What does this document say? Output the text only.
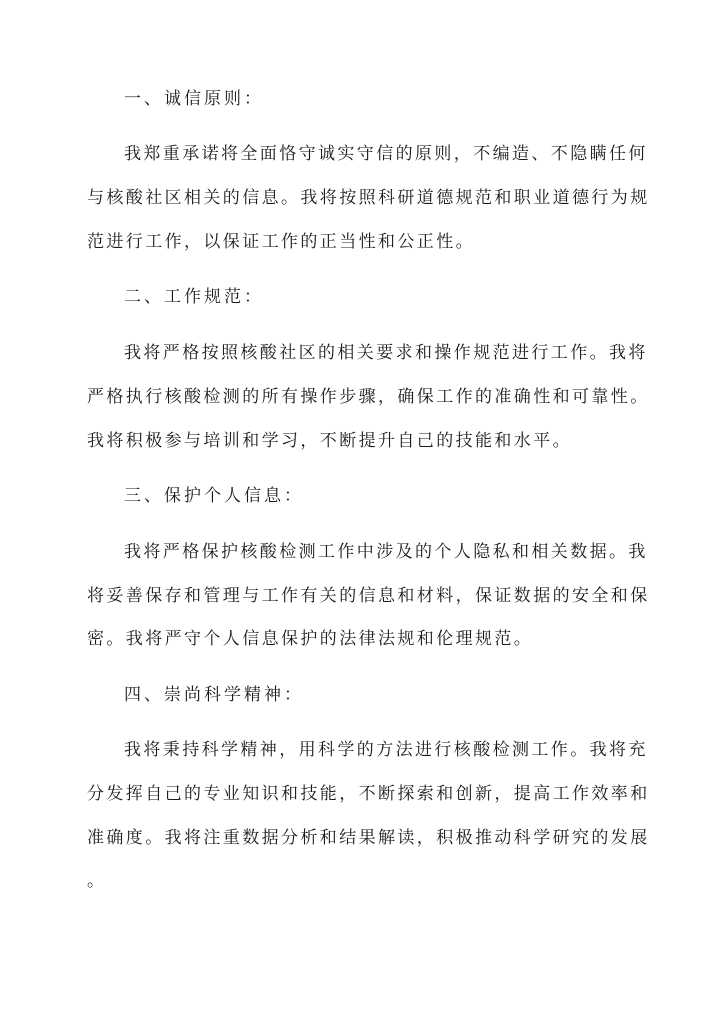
一、诚信原则：
我郑重承诺将全面恪守诚实守信的原则，不编造、不隐瞒任何
与核酸社区相关的信息。我将按照科研道德规范和职业道德行为规
范进行工作，以保证工作的正当性和公正性。
二、工作规范：
我将严格按照核酸社区的相关要求和操作规范进行工作。我将
严格执行核酸检测的所有操作步骤，确保工作的准确性和可靠性。
我将积极参与培训和学习，不断提升自己的技能和水平。
三、保护个人信息：
我将严格保护核酸检测工作中涉及的个人隐私和相关数据。我
将妥善保存和管理与工作有关的信息和材料，保证数据的安全和保
密。我将严守个人信息保护的法律法规和伦理规范。
四、崇尚科学精神：
我将秉持科学精神，用科学的方法进行核酸检测工作。我将充
分发挥自己的专业知识和技能，不断探索和创新，提高工作效率和
准确度。我将注重数据分析和结果解读，积极推动科学研究的发展
。
